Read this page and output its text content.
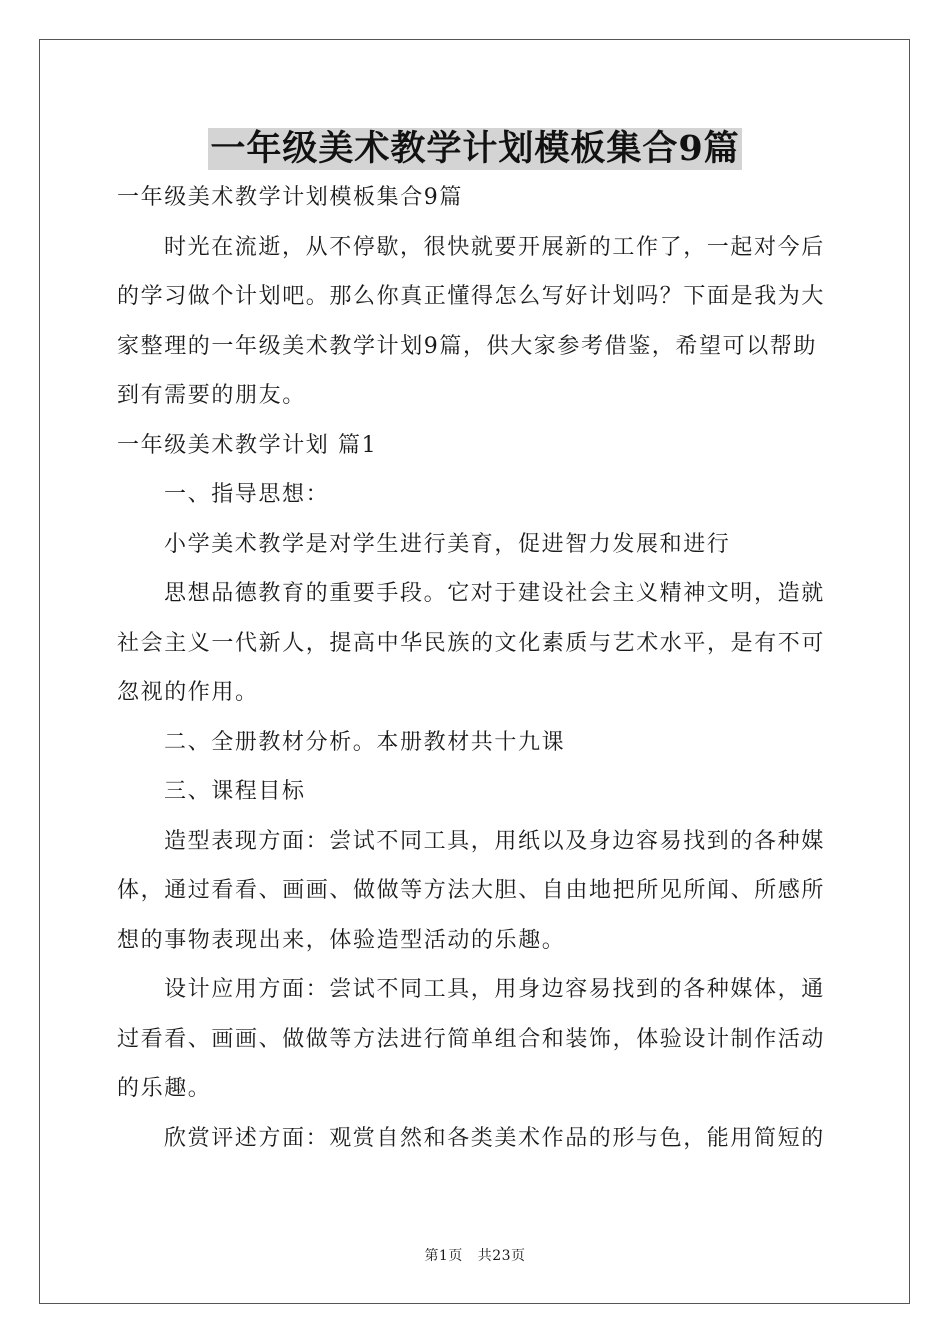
一年级美术教学计划模板集合9篇

一年级美术教学计划模板集合9篇

时光在流逝，从不停歇，很快就要开展新的工作了，一起对今后的学习做个计划吧。那么你真正懂得怎么写好计划吗？下面是我为大家整理的一年级美术教学计划9篇，供大家参考借鉴，希望可以帮助到有需要的朋友。

一年级美术教学计划 篇1

一、指导思想：

小学美术教学是对学生进行美育，促进智力发展和进行

思想品德教育的重要手段。它对于建设社会主义精神文明，造就社会主义一代新人，提高中华民族的文化素质与艺术水平，是有不可忽视的作用。

二、全册教材分析。本册教材共十九课

三、课程目标

造型表现方面：尝试不同工具，用纸以及身边容易找到的各种媒体，通过看看、画画、做做等方法大胆、自由地把所见所闻、所感所想的事物表现出来，体验造型活动的乐趣。

设计应用方面：尝试不同工具，用身边容易找到的各种媒体，通过看看、画画、做做等方法进行简单组合和装饰，体验设计制作活动的乐趣。

欣赏评述方面：观赏自然和各类美术作品的形与色，能用简短的

第1页 共23页
